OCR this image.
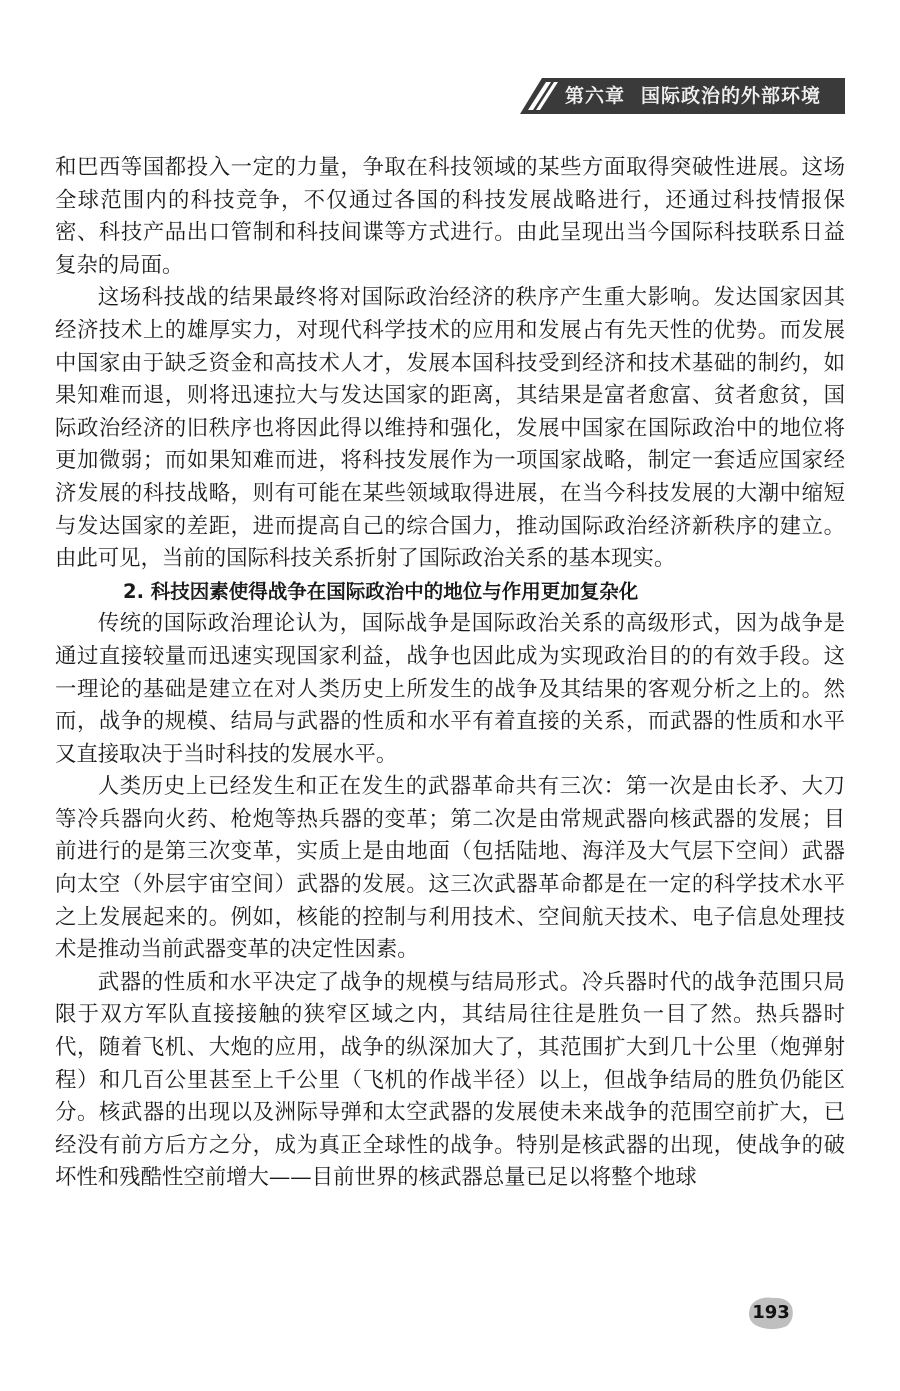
第六章 国际政治的外部环境

和巴西等国都投入一定的力量，争取在科技领域的某些方面取得突破性进展。这场全球范围内的科技竞争，不仅通过各国的科技发展战略进行，还通过科技情报保密、科技产品出口管制和科技间谍等方式进行。由此呈现出当今国际科技联系日益复杂的局面。

这场科技战的结果最终将对国际政治经济的秩序产生重大影响。发达国家因其经济技术上的雄厚实力，对现代科学技术的应用和发展占有先天性的优势。而发展中国家由于缺乏资金和高技术人才，发展本国科技受到经济和技术基础的制约，如果知难而退，则将迅速拉大与发达国家的距离，其结果是富者愈富、贫者愈贫，国际政治经济的旧秩序也将因此得以维持和强化，发展中国家在国际政治中的地位将更加微弱；而如果知难而进，将科技发展作为一项国家战略，制定一套适应国家经济发展的科技战略，则有可能在某些领域取得进展，在当今科技发展的大潮中缩短与发达国家的差距，进而提高自己的综合国力，推动国际政治经济新秩序的建立。由此可见，当前的国际科技关系折射了国际政治关系的基本现实。

2. 科技因素使得战争在国际政治中的地位与作用更加复杂化

传统的国际政治理论认为，国际战争是国际政治关系的高级形式，因为战争是通过直接较量而迅速实现国家利益，战争也因此成为实现政治目的的有效手段。这一理论的基础是建立在对人类历史上所发生的战争及其结果的客观分析之上的。然而，战争的规模、结局与武器的性质和水平有着直接的关系，而武器的性质和水平又直接取决于当时科技的发展水平。

人类历史上已经发生和正在发生的武器革命共有三次：第一次是由长矛、大刀等冷兵器向火药、枪炮等热兵器的变革；第二次是由常规武器向核武器的发展；目前进行的是第三次变革，实质上是由地面（包括陆地、海洋及大气层下空间）武器向太空（外层宇宙空间）武器的发展。这三次武器革命都是在一定的科学技术水平之上发展起来的。例如，核能的控制与利用技术、空间航天技术、电子信息处理技术是推动当前武器变革的决定性因素。

武器的性质和水平决定了战争的规模与结局形式。冷兵器时代的战争范围只局限于双方军队直接接触的狭窄区域之内，其结局往往是胜负一目了然。热兵器时代，随着飞机、大炮的应用，战争的纵深加大了，其范围扩大到几十公里（炮弹射程）和几百公里甚至上千公里（飞机的作战半径）以上，但战争结局的胜负仍能区分。核武器的出现以及洲际导弹和太空武器的发展使未来战争的范围空前扩大，已经没有前方后方之分，成为真正全球性的战争。特别是核武器的出现，使战争的破坏性和残酷性空前增大——目前世界的核武器总量已足以将整个地球

193
